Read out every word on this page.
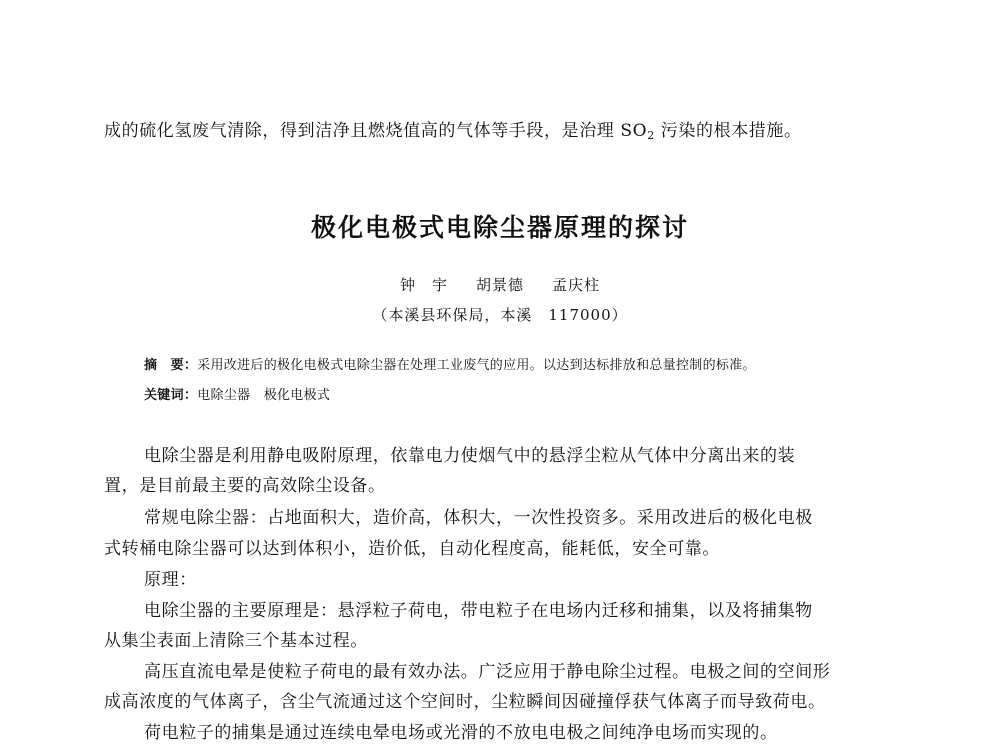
成的硫化氢废气清除，得到洁净且燃烧值高的气体等手段，是治理 $SO_2$ 污染的根本措施。
极化电极式电除尘器原理的探讨
钟　宇 胡景德 孟庆柱
（本溪县环保局，本溪　117000）
摘　要：采用改进后的极化电极式电除尘器在处理工业废气的应用。以达到达标排放和总量控制的标准。
关键词：电除尘器　极化电极式
电除尘器是利用静电吸附原理，依靠电力使烟气中的悬浮尘粒从气体中分离出来的装
置，是目前最主要的高效除尘设备。
常规电除尘器：占地面积大，造价高，体积大，一次性投资多。采用改进后的极化电极
式转桶电除尘器可以达到体积小，造价低，自动化程度高，能耗低，安全可靠。
原理：
电除尘器的主要原理是：悬浮粒子荷电，带电粒子在电场内迁移和捕集，以及将捕集物
从集尘表面上清除三个基本过程。
高压直流电晕是使粒子荷电的最有效办法。广泛应用于静电除尘过程。电极之间的空间形
成高浓度的气体离子，含尘气流通过这个空间时，尘粒瞬间因碰撞俘获气体离子而导致荷电。
荷电粒子的捕集是通过连续电晕电场或光滑的不放电电极之间纯净电场而实现的。
